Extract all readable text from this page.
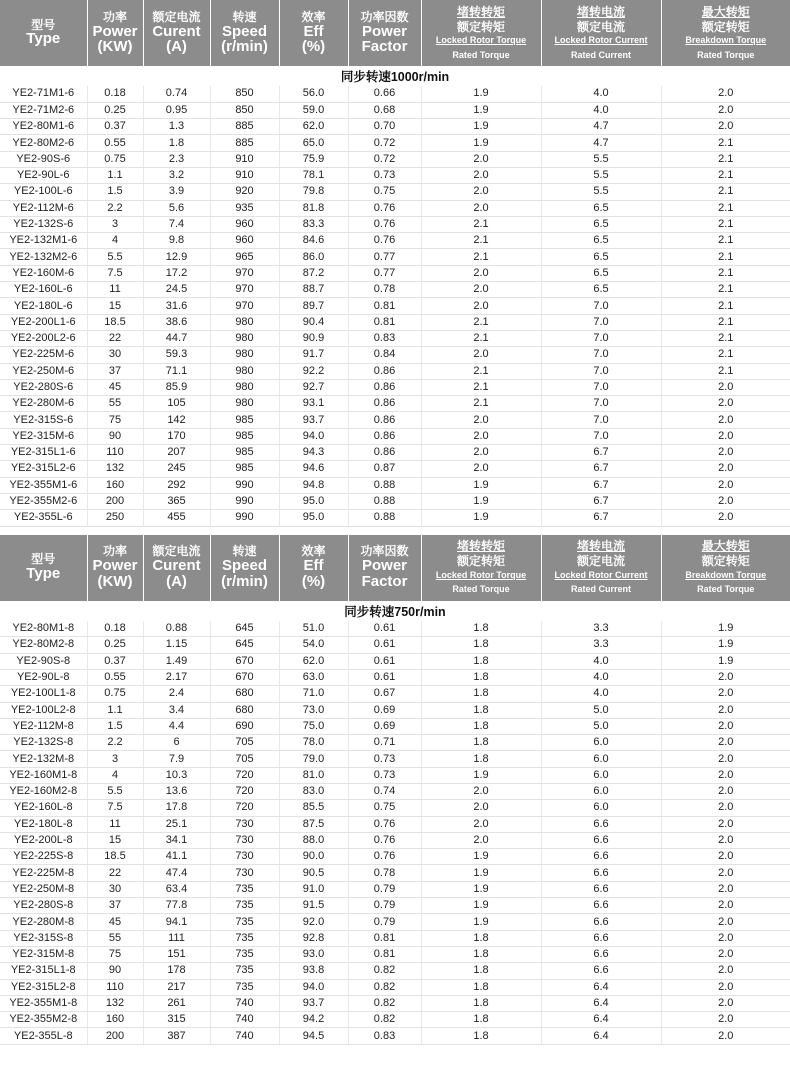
型号
Type	功率
Power
(KW)	额定电流
Curent
(A)	转速
Speed
(r/min)	效率
Eff
(%)	功率因数
Power
Factor	堵转转矩
额定转矩
Locked Rotor Torque
Rated Torque	堵转电流
额定电流
Locked Rotor Current
Rated Current	最大转矩
额定转矩
Breakdown Torque
Rated Torque

同步转速1000r/min								
YE2-71M1-6	0.18	0.74	850	56.0	0.66	1.9	4.0	2.0
YE2-71M2-6	0.25	0.95	850	59.0	0.68	1.9	4.0	2.0
YE2-80M1-6	0.37	1.3	885	62.0	0.70	1.9	4.7	2.0
YE2-80M2-6	0.55	1.8	885	65.0	0.72	1.9	4.7	2.1
YE2-90S-6	0.75	2.3	910	75.9	0.72	2.0	5.5	2.1
YE2-90L-6	1.1	3.2	910	78.1	0.73	2.0	5.5	2.1
YE2-100L-6	1.5	3.9	920	79.8	0.75	2.0	5.5	2.1
YE2-112M-6	2.2	5.6	935	81.8	0.76	2.0	6.5	2.1
YE2-132S-6	3	7.4	960	83.3	0.76	2.1	6.5	2.1
YE2-132M1-6	4	9.8	960	84.6	0.76	2.1	6.5	2.1
YE2-132M2-6	5.5	12.9	965	86.0	0.77	2.1	6.5	2.1
YE2-160M-6	7.5	17.2	970	87.2	0.77	2.0	6.5	2.1
YE2-160L-6	11	24.5	970	88.7	0.78	2.0	6.5	2.1
YE2-180L-6	15	31.6	970	89.7	0.81	2.0	7.0	2.1
YE2-200L1-6	18.5	38.6	980	90.4	0.81	2.1	7.0	2.1
YE2-200L2-6	22	44.7	980	90.9	0.83	2.1	7.0	2.1
YE2-225M-6	30	59.3	980	91.7	0.84	2.0	7.0	2.1
YE2-250M-6	37	71.1	980	92.2	0.86	2.1	7.0	2.1
YE2-280S-6	45	85.9	980	92.7	0.86	2.1	7.0	2.0
YE2-280M-6	55	105	980	93.1	0.86	2.1	7.0	2.0
YE2-315S-6	75	142	985	93.7	0.86	2.0	7.0	2.0
YE2-315M-6	90	170	985	94.0	0.86	2.0	7.0	2.0
YE2-315L1-6	110	207	985	94.3	0.86	2.0	6.7	2.0
YE2-315L2-6	132	245	985	94.6	0.87	2.0	6.7	2.0
YE2-355M1-6	160	292	990	94.8	0.88	1.9	6.7	2.0
YE2-355M2-6	200	365	990	95.0	0.88	1.9	6.7	2.0
YE2-355L-6	250	455	990	95.0	0.88	1.9	6.7	2.0
型号
Type	功率
Power
(KW)	额定电流
Curent
(A)	转速
Speed
(r/min)	效率
Eff
(%)	功率因数
Power
Factor	堵转转矩
额定转矩
Locked Rotor Torque
Rated Torque	堵转电流
额定电流
Locked Rotor Current
Rated Current	最大转矩
额定转矩
Breakdown Torque
Rated Torque

同步转速750r/min								
YE2-80M1-8	0.18	0.88	645	51.0	0.61	1.8	3.3	1.9
YE2-80M2-8	0.25	1.15	645	54.0	0.61	1.8	3.3	1.9
YE2-90S-8	0.37	1.49	670	62.0	0.61	1.8	4.0	1.9
YE2-90L-8	0.55	2.17	670	63.0	0.61	1.8	4.0	2.0
YE2-100L1-8	0.75	2.4	680	71.0	0.67	1.8	4.0	2.0
YE2-100L2-8	1.1	3.4	680	73.0	0.69	1.8	5.0	2.0
YE2-112M-8	1.5	4.4	690	75.0	0.69	1.8	5.0	2.0
YE2-132S-8	2.2	6	705	78.0	0.71	1.8	6.0	2.0
YE2-132M-8	3	7.9	705	79.0	0.73	1.8	6.0	2.0
YE2-160M1-8	4	10.3	720	81.0	0.73	1.9	6.0	2.0
YE2-160M2-8	5.5	13.6	720	83.0	0.74	2.0	6.0	2.0
YE2-160L-8	7.5	17.8	720	85.5	0.75	2.0	6.0	2.0
YE2-180L-8	11	25.1	730	87.5	0.76	2.0	6.6	2.0
YE2-200L-8	15	34.1	730	88.0	0.76	2.0	6.6	2.0
YE2-225S-8	18.5	41.1	730	90.0	0.76	1.9	6.6	2.0
YE2-225M-8	22	47.4	730	90.5	0.78	1.9	6.6	2.0
YE2-250M-8	30	63.4	735	91.0	0.79	1.9	6.6	2.0
YE2-280S-8	37	77.8	735	91.5	0.79	1.9	6.6	2.0
YE2-280M-8	45	94.1	735	92.0	0.79	1.9	6.6	2.0
YE2-315S-8	55	111	735	92.8	0.81	1.8	6.6	2.0
YE2-315M-8	75	151	735	93.0	0.81	1.8	6.6	2.0
YE2-315L1-8	90	178	735	93.8	0.82	1.8	6.6	2.0
YE2-315L2-8	110	217	735	94.0	0.82	1.8	6.4	2.0
YE2-355M1-8	132	261	740	93.7	0.82	1.8	6.4	2.0
YE2-355M2-8	160	315	740	94.2	0.82	1.8	6.4	2.0
YE2-355L-8	200	387	740	94.5	0.83	1.8	6.4	2.0
